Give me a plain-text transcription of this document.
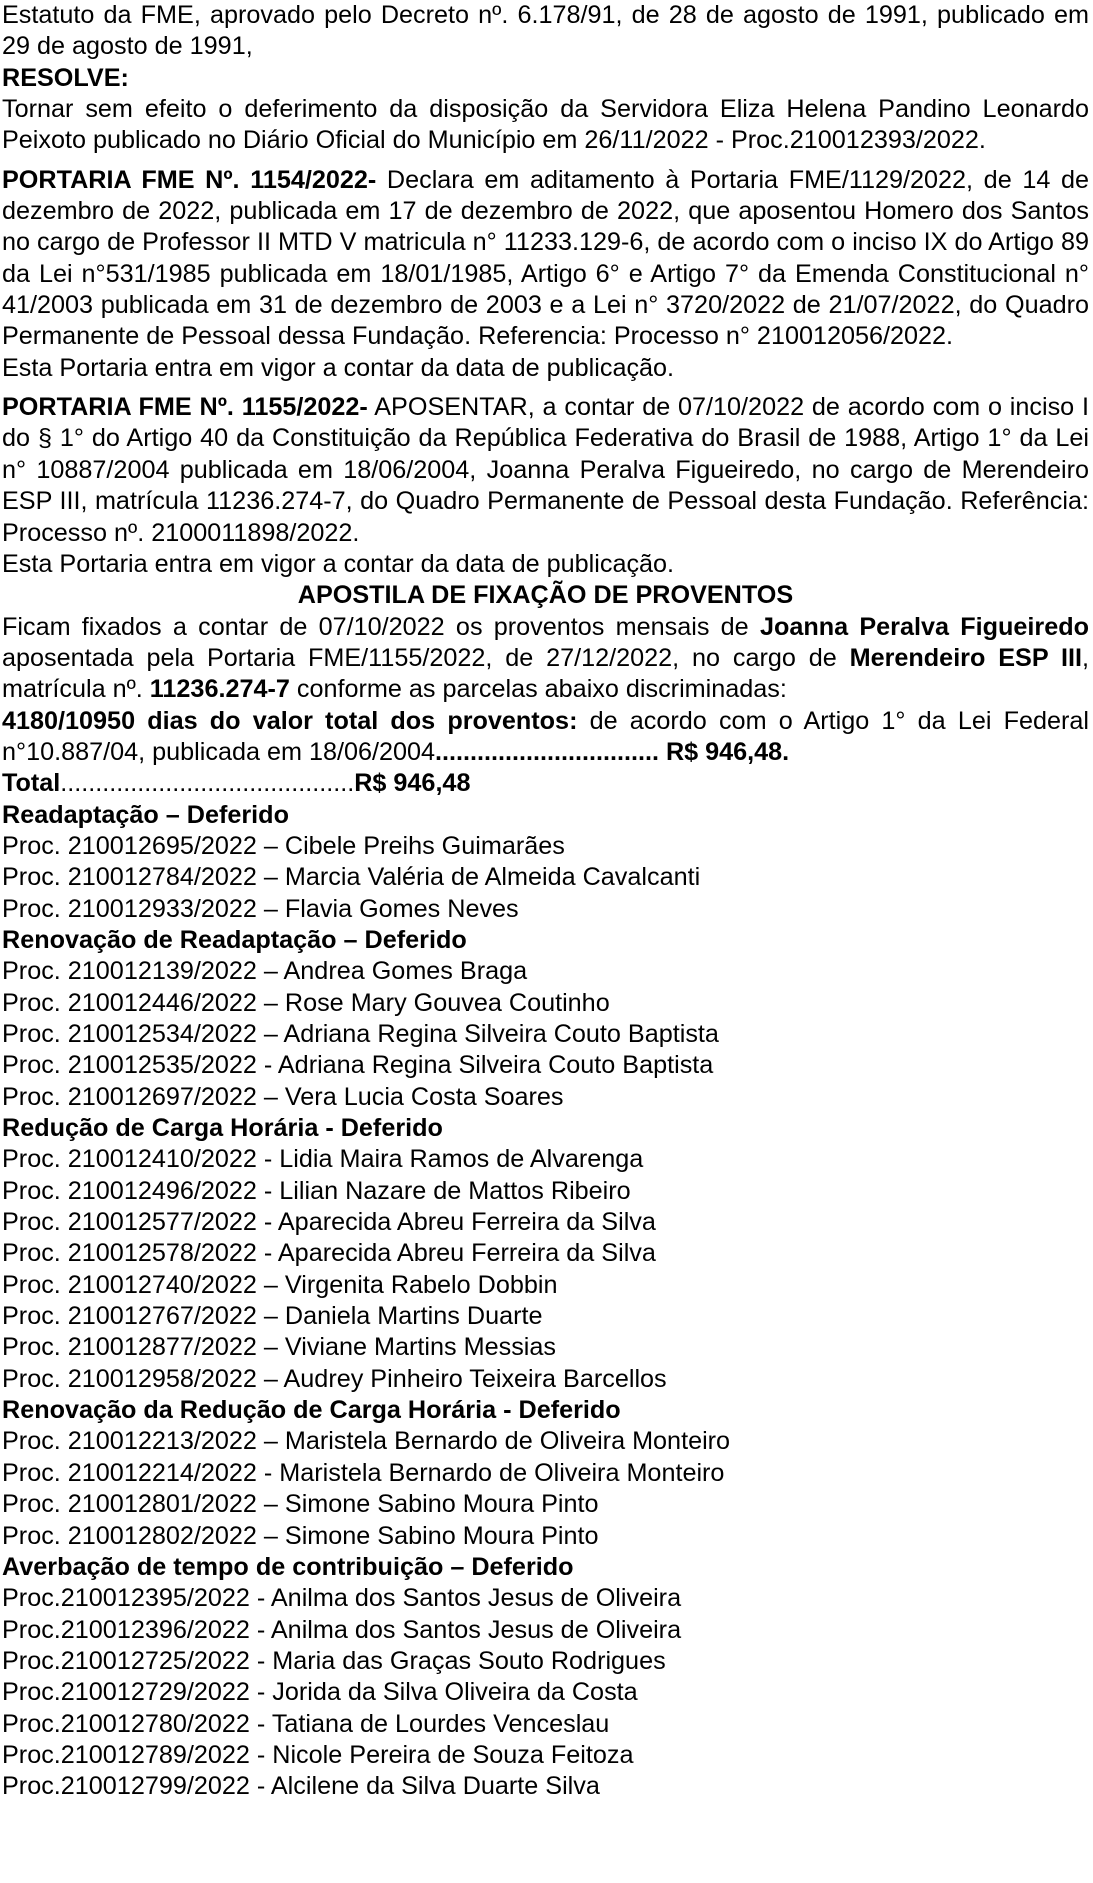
Estatuto da FME, aprovado pelo Decreto nº. 6.178/91, de 28 de agosto de 1991, publicado em 29 de agosto de 1991,

RESOLVE:

Tornar sem efeito o deferimento da disposição da Servidora Eliza Helena Pandino Leonardo Peixoto publicado no Diário Oficial do Município em 26/11/2022 - Proc.210012393/2022.

PORTARIA FME Nº. 1154/2022- Declara em aditamento à Portaria FME/1129/2022, de 14 de dezembro de 2022, publicada em 17 de dezembro de 2022, que aposentou Homero dos Santos no cargo de Professor II MTD V matricula n° 11233.129-6, de acordo com o inciso IX do Artigo 89 da Lei n°531/1985 publicada em 18/01/1985, Artigo 6° e Artigo 7° da Emenda Constitucional n° 41/2003 publicada em 31 de dezembro de 2003 e a Lei n° 3720/2022 de 21/07/2022, do Quadro Permanente de Pessoal dessa Fundação. Referencia: Processo n° 210012056/2022.

Esta Portaria entra em vigor a contar da data de publicação.

PORTARIA FME Nº. 1155/2022- APOSENTAR, a contar de 07/10/2022 de acordo com o inciso I do § 1° do Artigo 40 da Constituição da República Federativa do Brasil de 1988, Artigo 1° da Lei n° 10887/2004 publicada em 18/06/2004, Joanna Peralva Figueiredo, no cargo de Merendeiro ESP III, matrícula 11236.274-7, do Quadro Permanente de Pessoal desta Fundação. Referência: Processo nº. 2100011898/2022.

Esta Portaria entra em vigor a contar da data de publicação.

APOSTILA DE FIXAÇÃO DE PROVENTOS

Ficam fixados a contar de 07/10/2022 os proventos mensais de Joanna Peralva Figueiredo aposentada pela Portaria FME/1155/2022, de 27/12/2022, no cargo de Merendeiro ESP III, matrícula nº. 11236.274-7 conforme as parcelas abaixo discriminadas:

4180/10950 dias do valor total dos proventos: de acordo com o Artigo 1° da Lei Federal n°10.887/04, publicada em 18/06/2004................................ R$ 946,48.

Total..........................................R$ 946,48

Readaptação – Deferido

Proc. 210012695/2022 – Cibele Preihs Guimarães

Proc. 210012784/2022 – Marcia Valéria de Almeida Cavalcanti

Proc. 210012933/2022 – Flavia Gomes Neves

Renovação de Readaptação – Deferido

Proc. 210012139/2022 – Andrea Gomes Braga

Proc. 210012446/2022 – Rose Mary Gouvea Coutinho

Proc. 210012534/2022 – Adriana Regina Silveira Couto Baptista

Proc. 210012535/2022 - Adriana Regina Silveira Couto Baptista

Proc. 210012697/2022 – Vera Lucia Costa Soares

Redução de Carga Horária - Deferido

Proc. 210012410/2022 - Lidia Maira Ramos de Alvarenga

Proc. 210012496/2022 - Lilian Nazare de Mattos Ribeiro

Proc. 210012577/2022 - Aparecida Abreu Ferreira da Silva

Proc. 210012578/2022 - Aparecida Abreu Ferreira da Silva

Proc. 210012740/2022 – Virgenita Rabelo Dobbin

Proc. 210012767/2022 – Daniela Martins Duarte

Proc. 210012877/2022 – Viviane Martins Messias

Proc. 210012958/2022 – Audrey Pinheiro Teixeira Barcellos

Renovação da Redução de Carga Horária - Deferido

Proc. 210012213/2022 – Maristela Bernardo de Oliveira Monteiro

Proc. 210012214/2022 - Maristela Bernardo de Oliveira Monteiro

Proc. 210012801/2022 – Simone Sabino Moura Pinto

Proc. 210012802/2022 – Simone Sabino Moura Pinto

Averbação de tempo de contribuição – Deferido

Proc.210012395/2022 - Anilma dos Santos Jesus de Oliveira

Proc.210012396/2022 - Anilma dos Santos Jesus de Oliveira

Proc.210012725/2022 - Maria das Graças Souto Rodrigues

Proc.210012729/2022 - Jorida da Silva Oliveira da Costa

Proc.210012780/2022 - Tatiana de Lourdes Venceslau

Proc.210012789/2022 - Nicole Pereira de Souza Feitoza

Proc.210012799/2022 - Alcilene da Silva Duarte Silva
